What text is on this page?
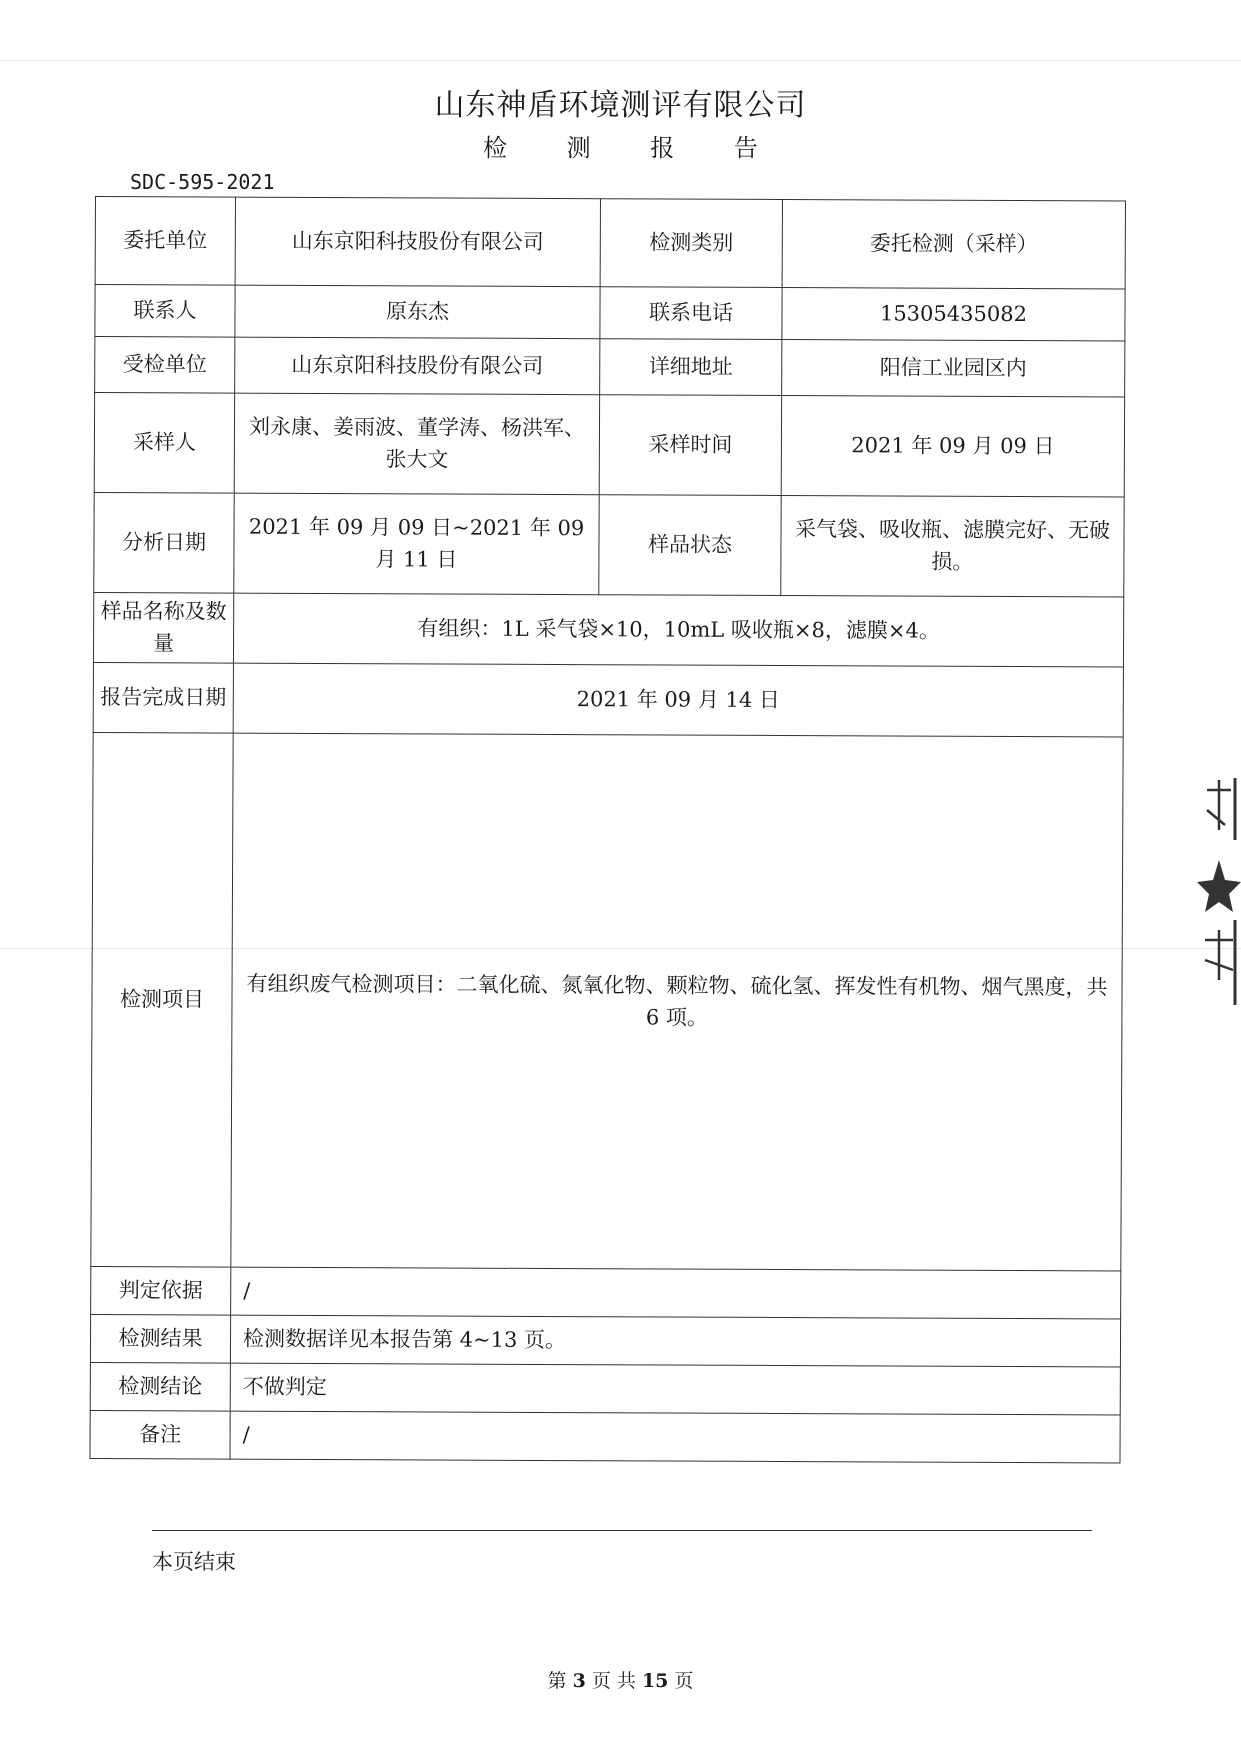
山东神盾环境测评有限公司
检 测 报 告
SDC-595-2021
委托单位	山东京阳科技股份有限公司	检测类别	委托检测（采样）
联系人	原东杰	联系电话	15305435082
受检单位	山东京阳科技股份有限公司	详细地址	阳信工业园区内
采样人	刘永康、姜雨波、董学涛、杨洪军、张大文	采样时间	2021 年 09 月 09 日
分析日期	2021 年 09 月 09 日~2021 年 09 月 11 日	样品状态	采气袋、吸收瓶、滤膜完好、无破损。
样品名称及数量	有组织：1L 采气袋×10，10mL 吸收瓶×8，滤膜×4。		
报告完成日期	2021 年 09 月 14 日		
检测项目	有组织废气检测项目：二氧化硫、氮氧化物、颗粒物、硫化氢、挥发性有机物、烟气黑度，共 6 项。		
判定依据	/		
检测结果	检测数据详见本报告第 4~13 页。		
检测结论	不做判定		
备注	/		
本页结束
第 3 页 共 15 页
